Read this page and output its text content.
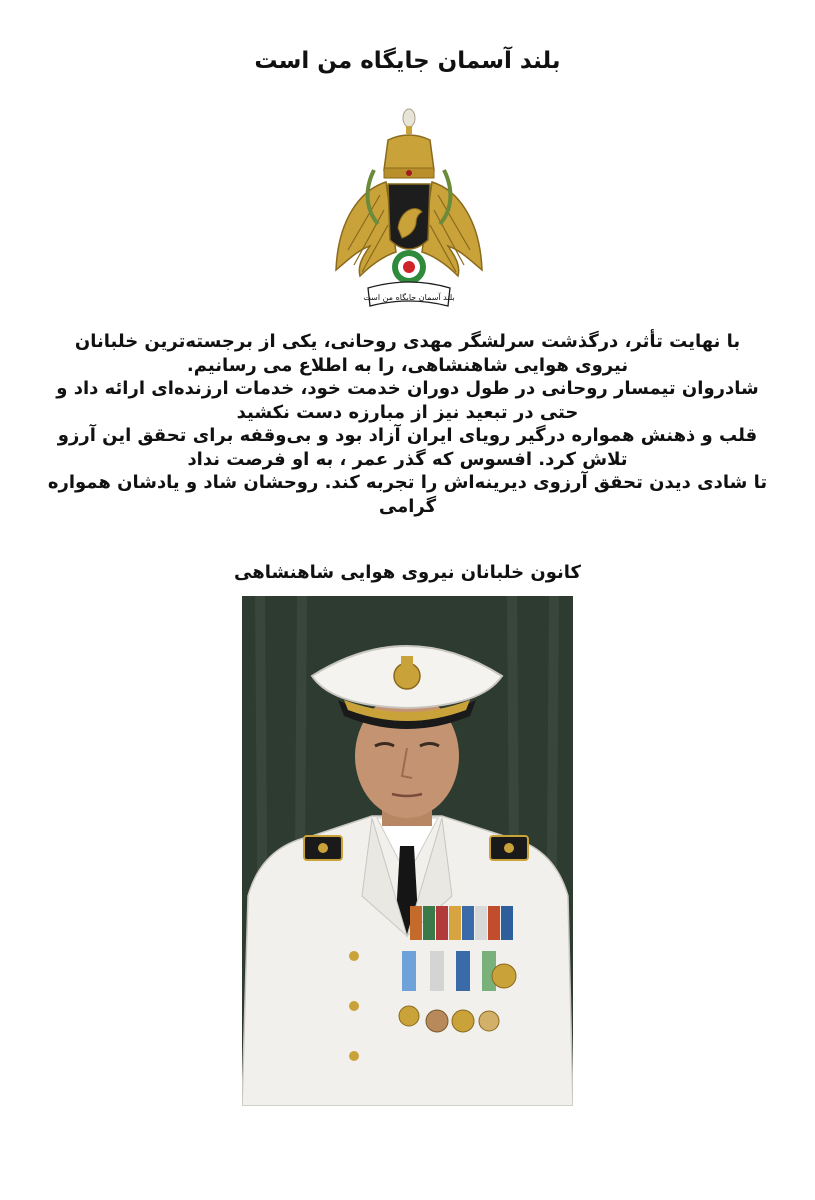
بلند آسمان جایگاه من است
بلند آسمان جایگاه من است
با نهایت تأثر، درگذشت سرلشگر مهدی روحانی، یکی از برجسته‌ترین خلبانان
نیروی هوایی شاهنشاهی، را به اطلاع می رسانیم.
شادروان تیمسار روحانی در طول دوران خدمت خود، خدمات ارزنده‌ای ارائه داد و
حتی در تبعید نیز از مبارزه دست نکشید
قلب و ذهنش همواره درگیر رویای ایران آزاد بود و بی‌وقفه برای تحقق این آرزو
تلاش کرد. افسوس که گذر عمر ، به او فرصت نداد
تا شادی دیدن تحقق آرزوی دیرینه‌اش را تجربه کند. روحشان شاد و یادشان همواره
گرامی
کانون خلبانان نیروی هوایی شاهنشاهی
